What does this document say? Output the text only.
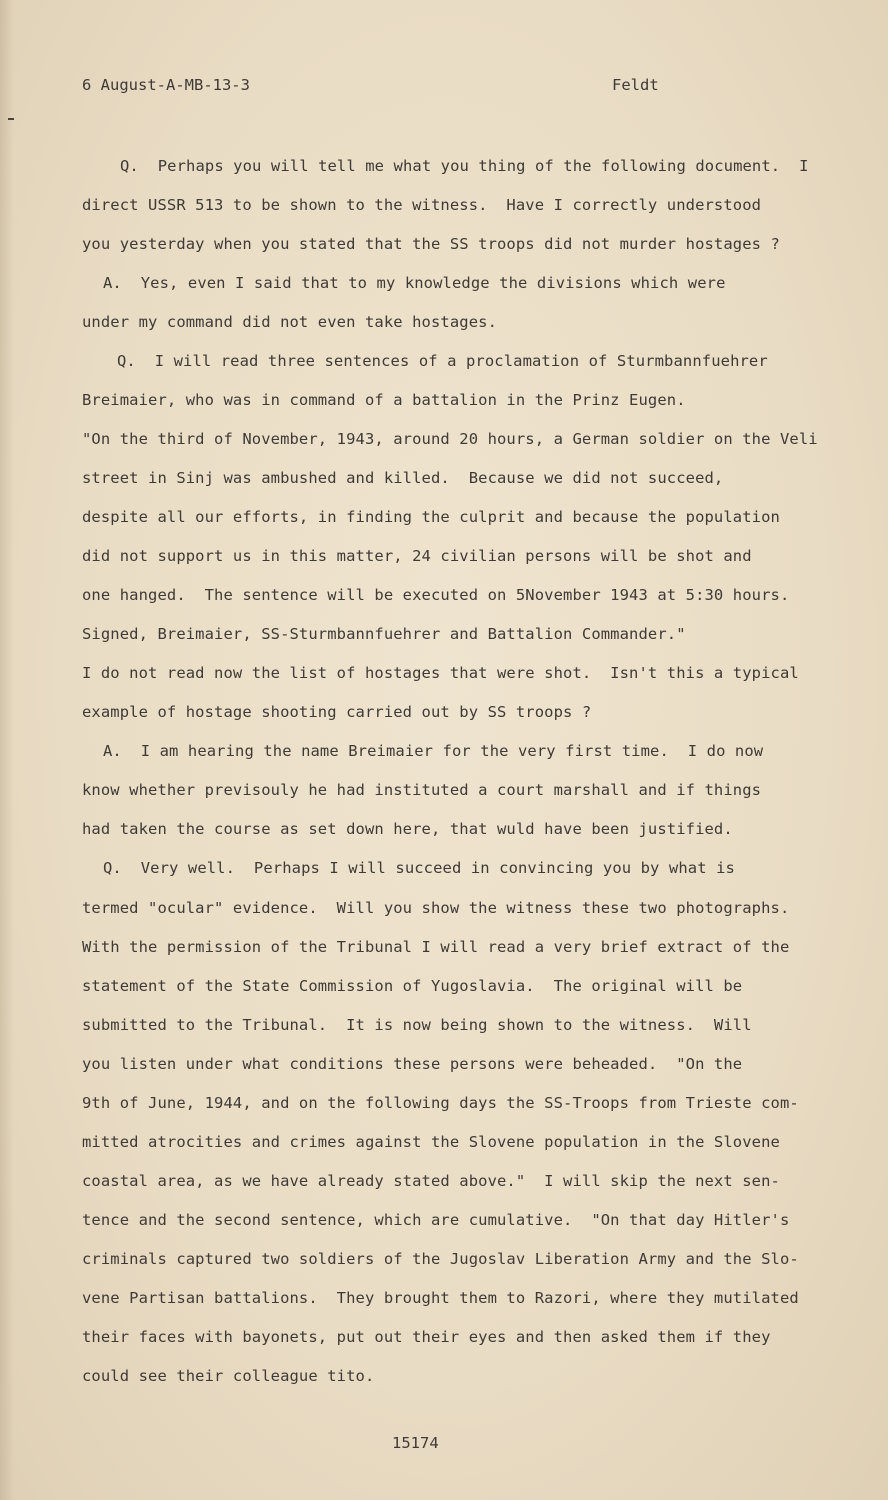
6 August-A-MB-13-3	Feldt
Q.  Perhaps you will tell me what you thing of the following document.  I
direct USSR 513 to be shown to the witness.  Have I correctly understood
you yesterday when you stated that the SS troops did not murder hostages ?
A.  Yes, even I said that to my knowledge the divisions which were
under my command did not even take hostages.
Q.  I will read three sentences of a proclamation of Sturmbannfuehrer
Breimaier, who was in command of a battalion in the Prinz Eugen.
"On the third of November, 1943, around 20 hours, a German soldier on the Veli
street in Sinj was ambushed and killed.  Because we did not succeed,
despite all our efforts, in finding the culprit and because the population
did not support us in this matter, 24 civilian persons will be shot and
one hanged.  The sentence will be executed on 5November 1943 at 5:30 hours.
Signed, Breimaier, SS-Sturmbannfuehrer and Battalion Commander."
I do not read now the list of hostages that were shot.  Isn't this a typical
example of hostage shooting carried out by SS troops ?
A.  I am hearing the name Breimaier for the very first time.  I do now
know whether previsouly he had instituted a court marshall and if things
had taken the course as set down here, that wuld have been justified.
Q.  Very well.  Perhaps I will succeed in convincing you by what is
termed "ocular" evidence.  Will you show the witness these two photographs.
With the permission of the Tribunal I will read a very brief extract of the
statement of the State Commission of Yugoslavia.  The original will be
submitted to the Tribunal.  It is now being shown to the witness.  Will
you listen under what conditions these persons were beheaded.  "On the
9th of June, 1944, and on the following days the SS-Troops from Trieste com-
mitted atrocities and crimes against the Slovene population in the Slovene
coastal area, as we have already stated above."  I will skip the next sen-
tence and the second sentence, which are cumulative.  "On that day Hitler's
criminals captured two soldiers of the Jugoslav Liberation Army and the Slo-
vene Partisan battalions.  They brought them to Razori, where they mutilated
their faces with bayonets, put out their eyes and then asked them if they
could see their colleague tito.
15174
